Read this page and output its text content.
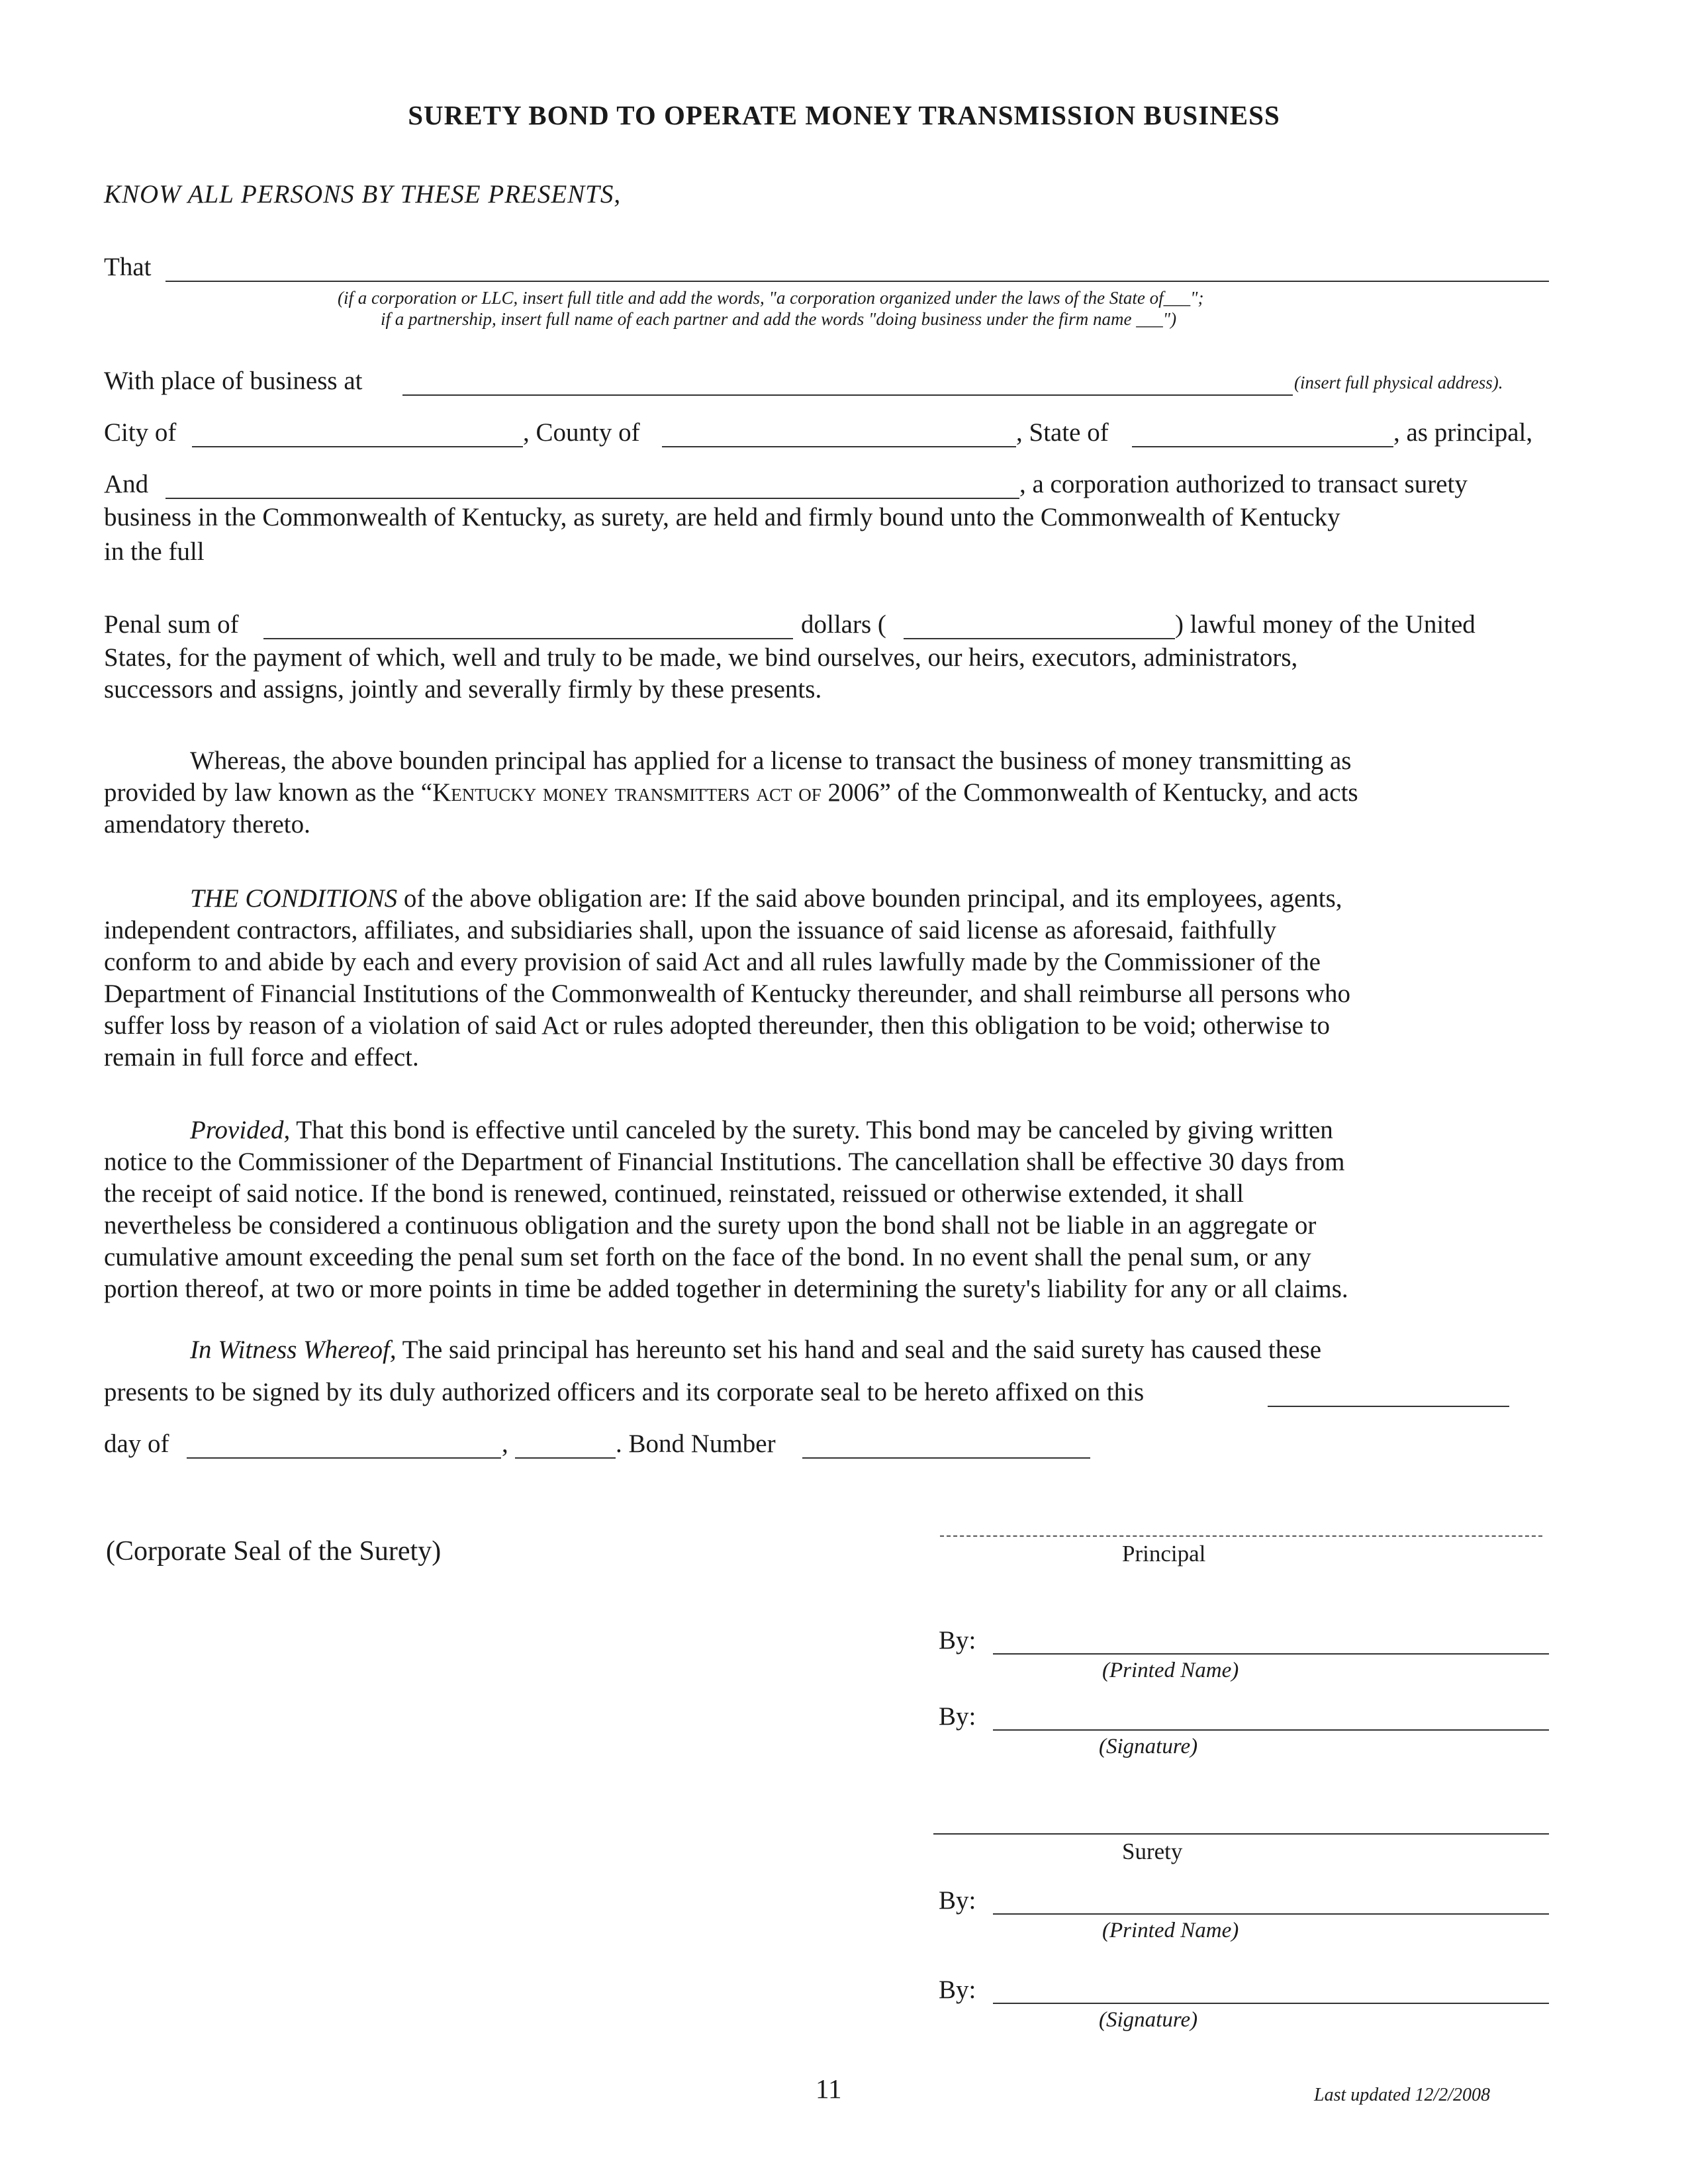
SURETY BOND TO OPERATE MONEY TRANSMISSION BUSINESS
KNOW ALL PERSONS BY THESE PRESENTS,
That
(if a corporation or LLC, insert full title and add the words, "a corporation organized under the laws of the State of___";
if a partnership, insert full name of each partner and add the words "doing business under the firm name ___")
With place of business at	(insert full physical address).
City of	, County of	, State of	, as principal,
And	, a corporation authorized to transact surety
business in the Commonwealth of Kentucky, as surety, are held and firmly bound unto the Commonwealth of Kentucky
in the full
Penal sum of	dollars (	) lawful money of the United
States, for the payment of which, well and truly to be made, we bind ourselves, our heirs, executors, administrators,
successors and assigns, jointly and severally firmly by these presents.
Whereas, the above bounden principal has applied for a license to transact the business of money transmitting as
provided by law known as the “Kentucky money transmitters act of 2006” of the Commonwealth of Kentucky, and acts
amendatory thereto.
THE CONDITIONS of the above obligation are: If the said above bounden principal, and its employees, agents,
independent contractors, affiliates, and subsidiaries shall, upon the issuance of said license as aforesaid, faithfully
conform to and abide by each and every provision of said Act and all rules lawfully made by the Commissioner of the
Department of Financial Institutions of the Commonwealth of Kentucky thereunder, and shall reimburse all persons who
suffer loss by reason of a violation of said Act or rules adopted thereunder, then this obligation to be void; otherwise to
remain in full force and effect.
Provided, That this bond is effective until canceled by the surety. This bond may be canceled by giving written
notice to the Commissioner of the Department of Financial Institutions. The cancellation shall be effective 30 days from
the receipt of said notice. If the bond is renewed, continued, reinstated, reissued or otherwise extended, it shall
nevertheless be considered a continuous obligation and the surety upon the bond shall not be liable in an aggregate or
cumulative amount exceeding the penal sum set forth on the face of the bond. In no event shall the penal sum, or any
portion thereof, at two or more points in time be added together in determining the surety's liability for any or all claims.
In Witness Whereof, The said principal has hereunto set his hand and seal and the said surety has caused these
presents to be signed by its duly authorized officers and its corporate seal to be hereto affixed on this
day of	,	. Bond Number
(Corporate Seal of the Surety)	Principal
By:
(Printed Name)
By:
(Signature)
Surety
By:
(Printed Name)
By:
(Signature)
11	Last updated 12/2/2008
